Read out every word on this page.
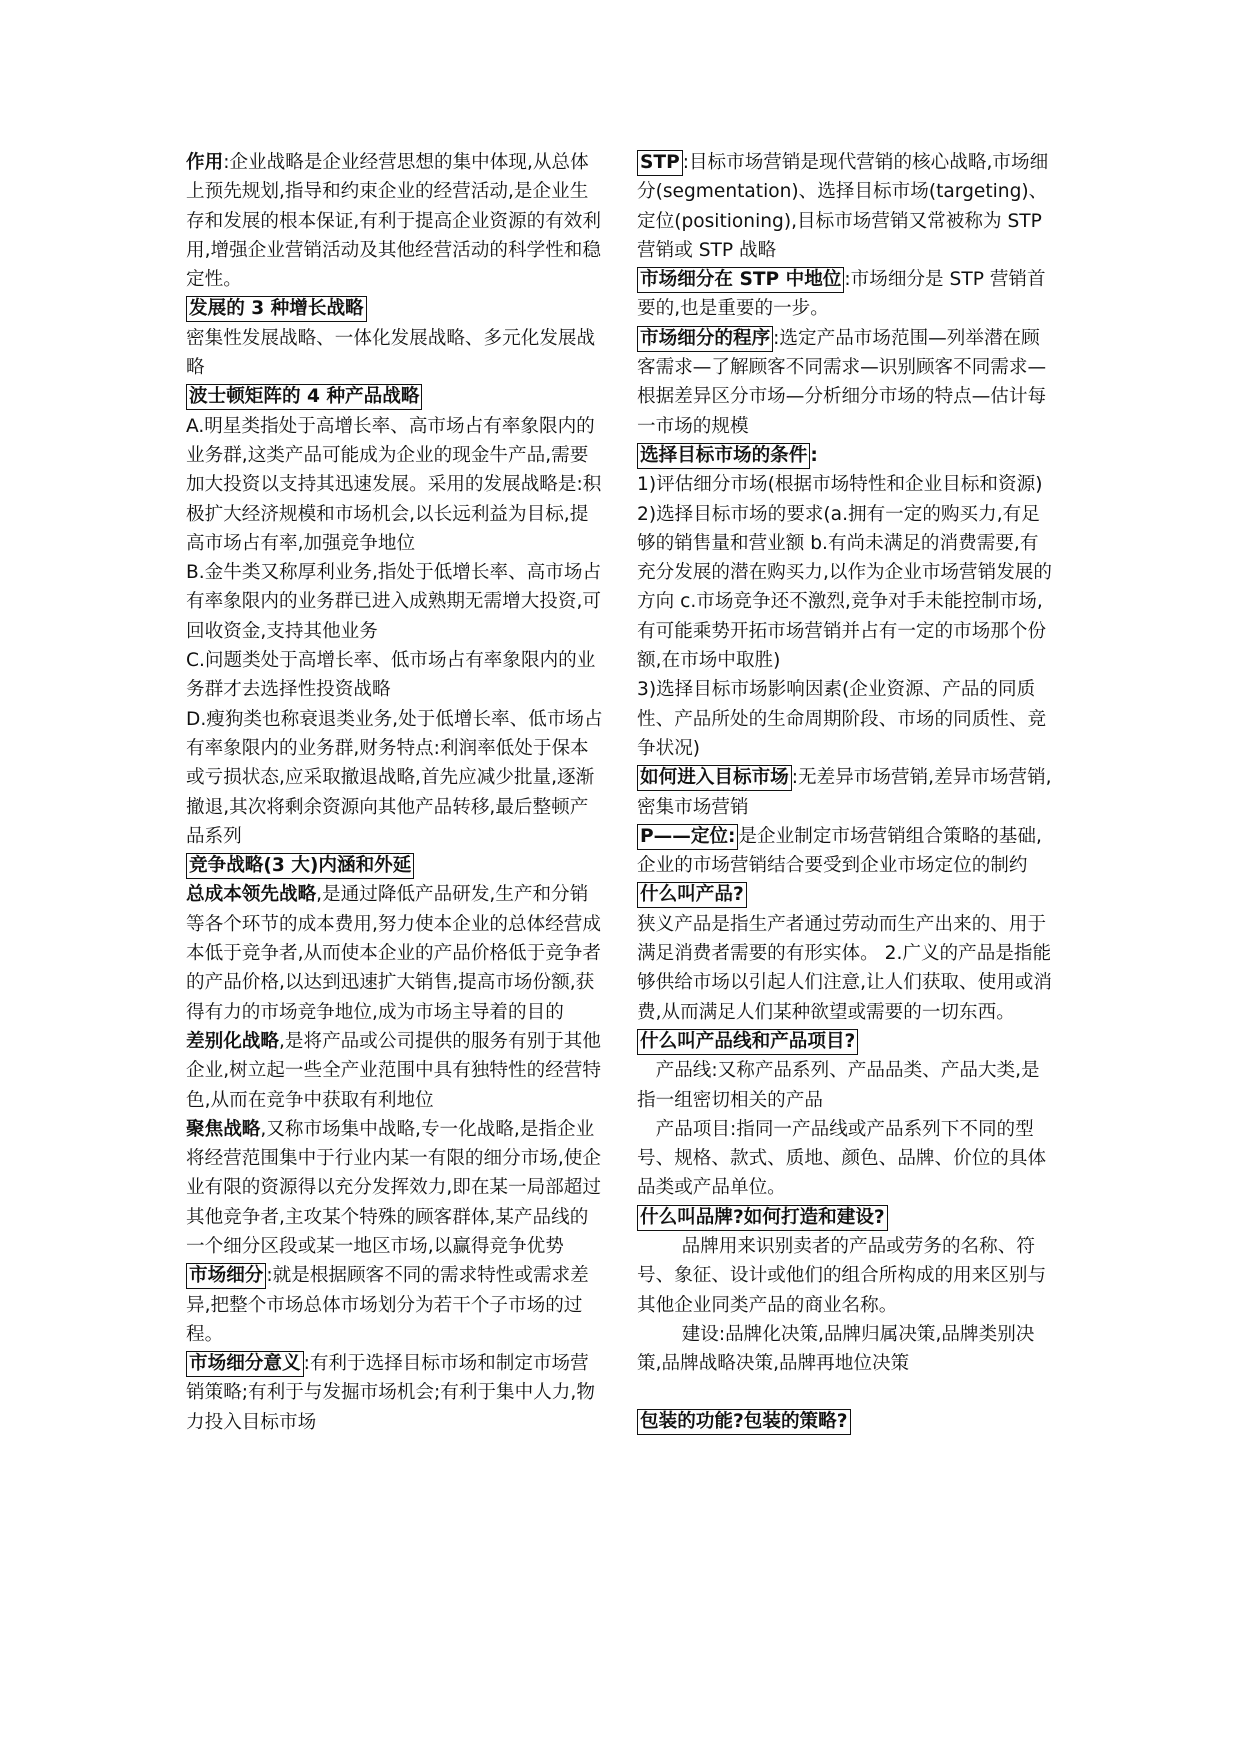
作用:企业战略是企业经营思想的集中体现,从总体上预先规划,指导和约束企业的经营活动,是企业生存和发展的根本保证,有利于提高企业资源的有效利用,增强企业营销活动及其他经营活动的科学性和稳定性。

发展的 3 种增长战略

密集性发展战略、一体化发展战略、多元化发展战略

波士顿矩阵的 4 种产品战略

A.明星类指处于高增长率、高市场占有率象限内的业务群,这类产品可能成为企业的现金牛产品,需要加大投资以支持其迅速发展。采用的发展战略是:积极扩大经济规模和市场机会,以长远利益为目标,提高市场占有率,加强竞争地位

B.金牛类又称厚利业务,指处于低增长率、高市场占有率象限内的业务群已进入成熟期无需增大投资,可回收资金,支持其他业务

C.问题类处于高增长率、低市场占有率象限内的业务群才去选择性投资战略

D.瘦狗类也称衰退类业务,处于低增长率、低市场占有率象限内的业务群,财务特点:利润率低处于保本或亏损状态,应采取撤退战略,首先应减少批量,逐渐撤退,其次将剩余资源向其他产品转移,最后整顿产品系列

竞争战略(3 大)内涵和外延

总成本领先战略,是通过降低产品研发,生产和分销等各个环节的成本费用,努力使本企业的总体经营成本低于竞争者,从而使本企业的产品价格低于竞争者的产品价格,以达到迅速扩大销售,提高市场份额,获得有力的市场竞争地位,成为市场主导着的目的

差别化战略,是将产品或公司提供的服务有别于其他企业,树立起一些全产业范围中具有独特性的经营特色,从而在竞争中获取有利地位

聚焦战略,又称市场集中战略,专一化战略,是指企业将经营范围集中于行业内某一有限的细分市场,使企业有限的资源得以充分发挥效力,即在某一局部超过其他竞争者,主攻某个特殊的顾客群体,某产品线的一个细分区段或某一地区市场,以赢得竞争优势

市场细分 :就是根据顾客不同的需求特性或需求差异,把整个市场总体市场划分为若干个子市场的过程。

市场细分意义 :有利于选择目标市场和制定市场营销策略;有利于与发掘市场机会;有利于集中人力,物力投入目标市场

STP :目标市场营销是现代营销的核心战略,市场细分(segmentation)、选择目标市场(targeting)、定位(positioning),目标市场营销又常被称为 STP 营销或 STP 战略

市场细分在 STP 中地位 :市场细分是 STP 营销首要的,也是重要的一步。

市场细分的程序 :选定产品市场范围—列举潜在顾客需求—了解顾客不同需求—识别顾客不同需求—根据差异区分市场—分析细分市场的特点—估计每一市场的规模

选择目标市场的条件 :

1)评估细分市场(根据市场特性和企业目标和资源)

2)选择目标市场的要求(a.拥有一定的购买力,有足够的销售量和营业额 b.有尚未满足的消费需要,有充分发展的潜在购买力,以作为企业市场营销发展的方向 c.市场竞争还不激烈,竞争对手未能控制市场,有可能乘势开拓市场营销并占有一定的市场那个份额,在市场中取胜)

3)选择目标市场影响因素(企业资源、产品的同质性、产品所处的生命周期阶段、市场的同质性、竞争状况)

如何进入目标市场 :无差异市场营销,差异市场营销,密集市场营销

P——定位: 是企业制定市场营销组合策略的基础,企业的市场营销结合要受到企业市场定位的制约

什么叫产品?

狭义产品是指生产者通过劳动而生产出来的、用于满足消费者需要的有形实体。 2.广义的产品是指能够供给市场以引起人们注意,让人们获取、使用或消费,从而满足人们某种欲望或需要的一切东西。

什么叫产品线和产品项目?

产品线:又称产品系列、产品品类、产品大类,是指一组密切相关的产品

产品项目:指同一产品线或产品系列下不同的型号、规格、款式、质地、颜色、品牌、价位的具体品类或产品单位。

什么叫品牌?如何打造和建设?

品牌用来识别卖者的产品或劳务的名称、符号、象征、设计或他们的组合所构成的用来区别与其他企业同类产品的商业名称。

建设:品牌化决策,品牌归属决策,品牌类别决策,品牌战略决策,品牌再地位决策

包装的功能?包装的策略?
